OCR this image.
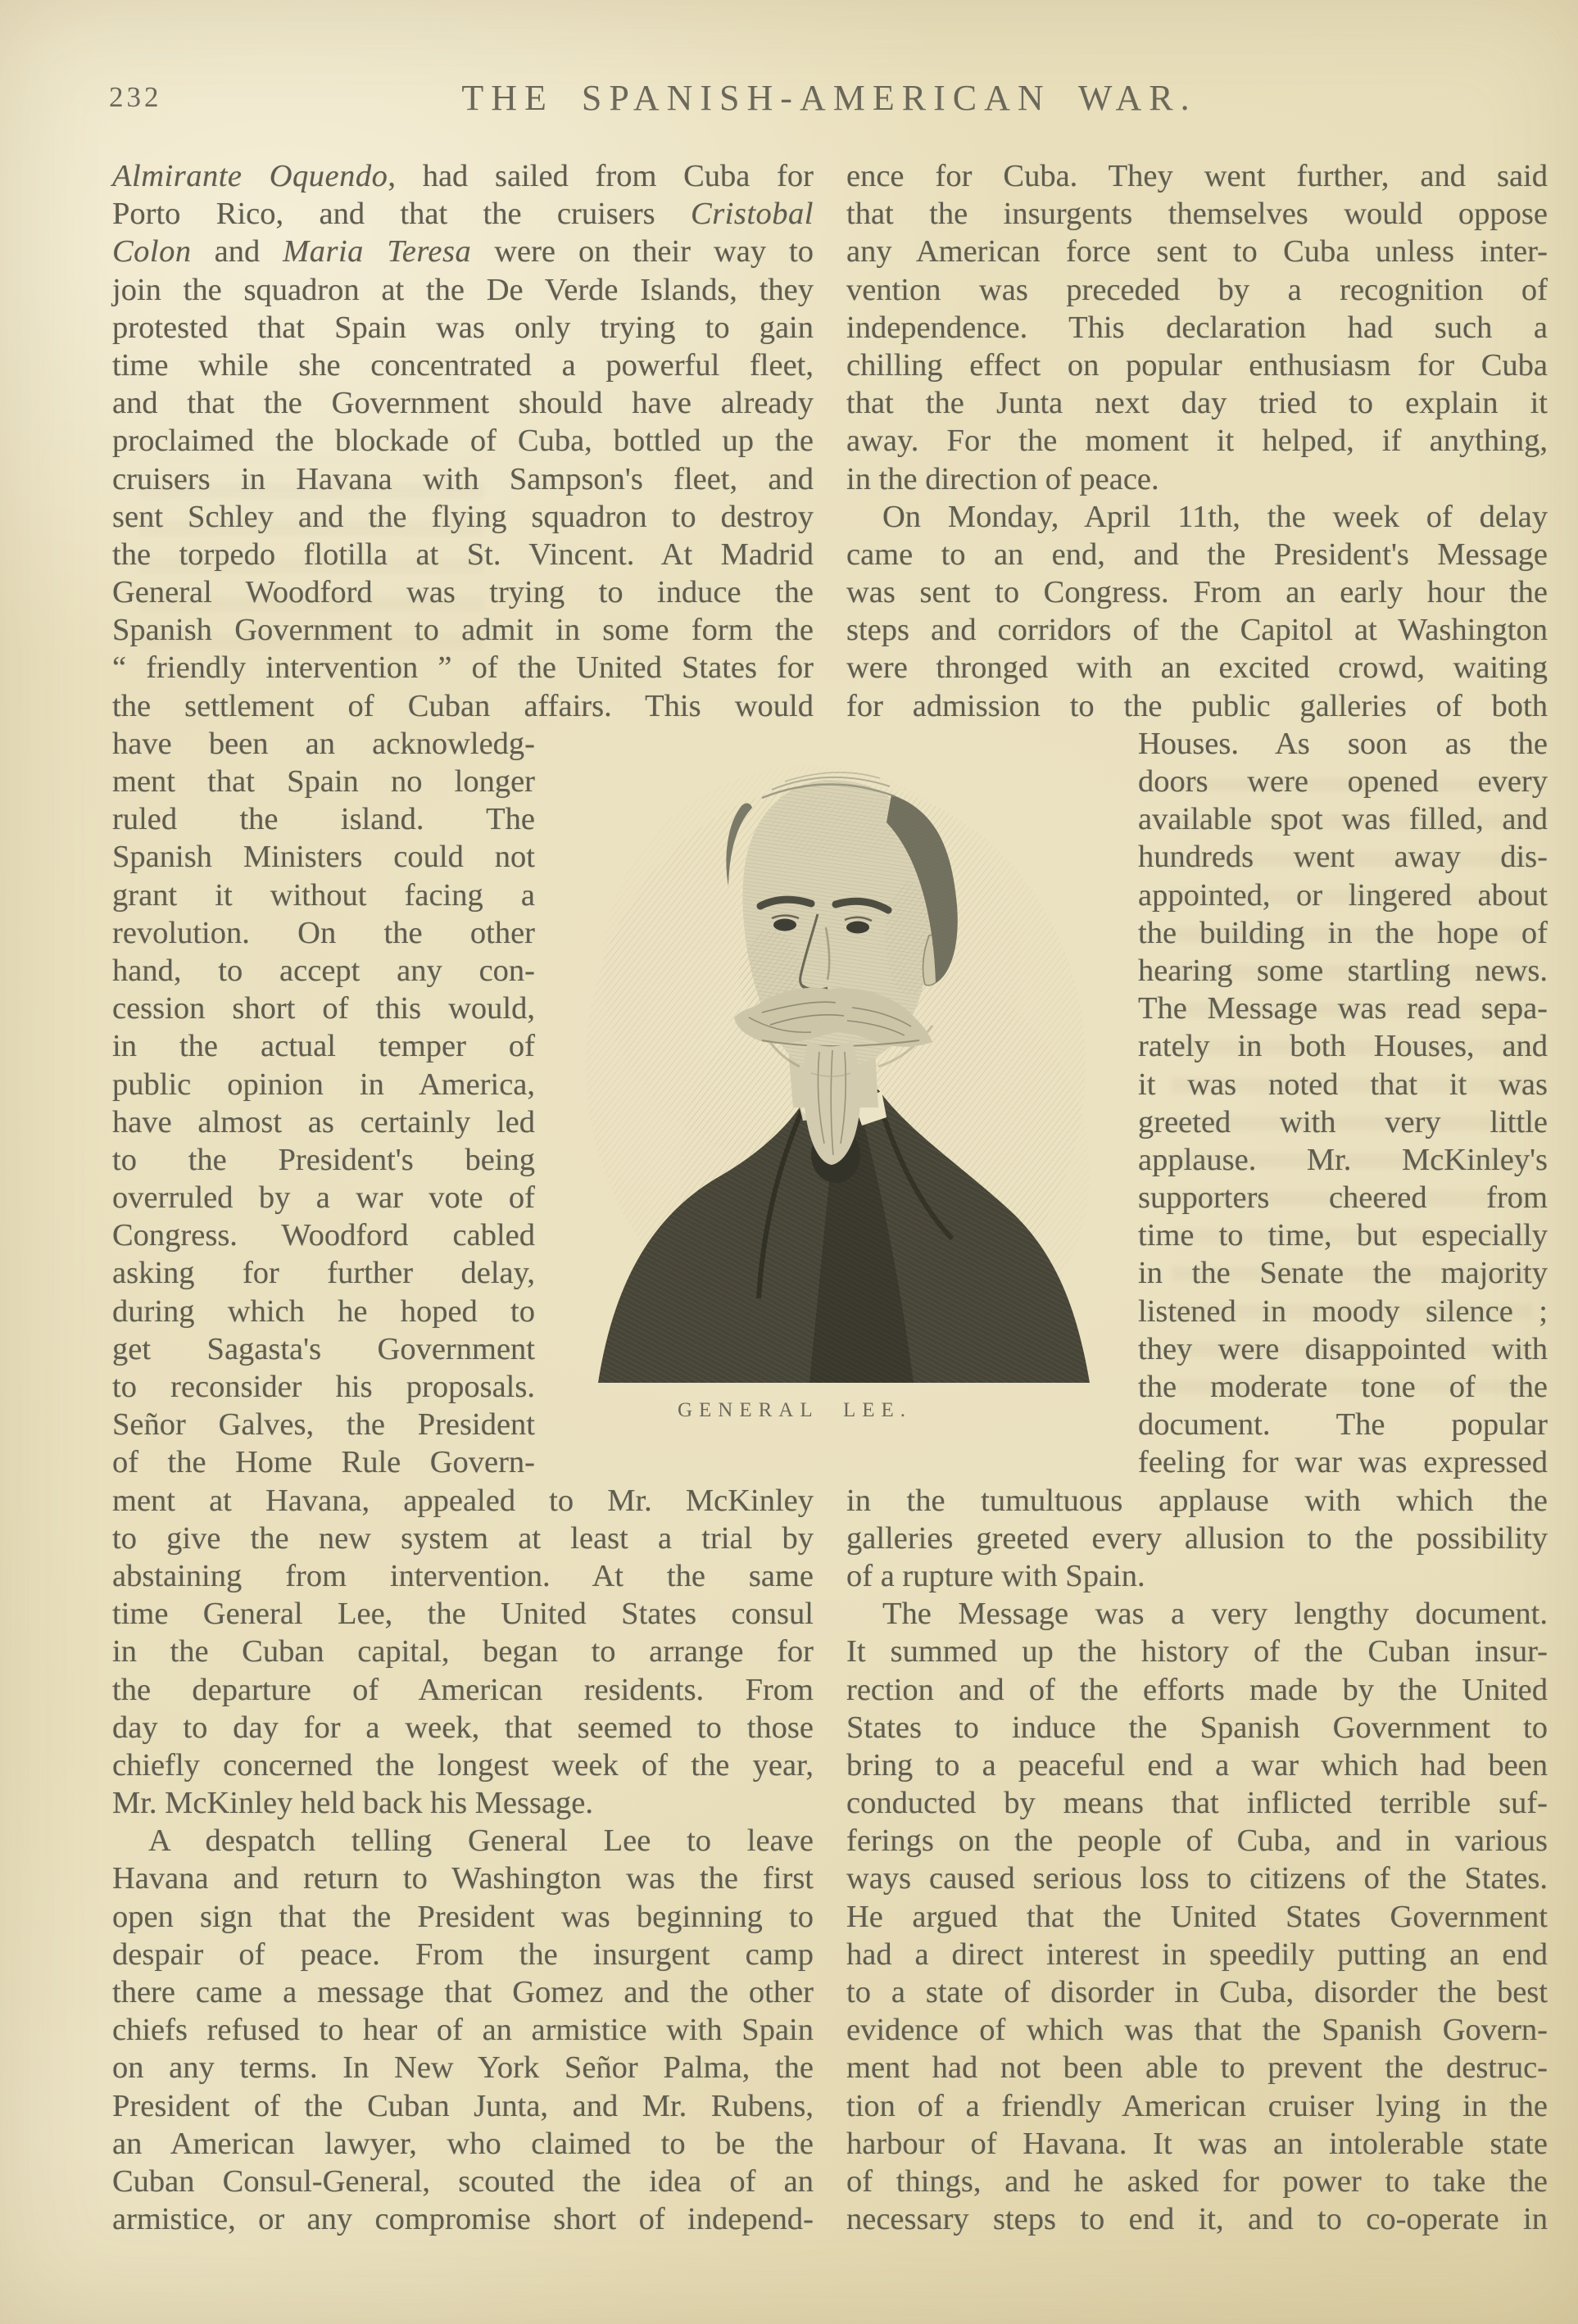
232	THE SPANISH-AMERICAN WAR.
Almirante Oquendo, had sailed from Cuba for
Porto Rico, and that the cruisers Cristobal
Colon and Maria Teresa were on their way to
join the squadron at the De Verde Islands, they
protested that Spain was only trying to gain
time while she concentrated a powerful fleet,
and that the Government should have already
proclaimed the blockade of Cuba, bottled up the
cruisers in Havana with Sampson's fleet, and
sent Schley and the flying squadron to destroy
the torpedo flotilla at St. Vincent. At Madrid
General Woodford was trying to induce the
Spanish Government to admit in some form the
“ friendly intervention ” of the United States for
the settlement of Cuban affairs. This would
have been an acknowledg-
ment that Spain no longer
ruled the island. The
Spanish Ministers could not
grant it without facing a
revolution. On the other
hand, to accept any con-
cession short of this would,
in the actual temper of
public opinion in America,
have almost as certainly led
to the President's being
overruled by a war vote of
Congress. Woodford cabled
asking for further delay,
during which he hoped to
get Sagasta's Government
to reconsider his proposals.
Señor Galves, the President
of the Home Rule Govern-
ment at Havana, appealed to Mr. McKinley
to give the new system at least a trial by
abstaining from intervention. At the same
time General Lee, the United States consul
in the Cuban capital, began to arrange for
the departure of American residents. From
day to day for a week, that seemed to those
chiefly concerned the longest week of the year,
Mr. McKinley held back his Message.
A despatch telling General Lee to leave
Havana and return to Washington was the first
open sign that the President was beginning to
despair of peace. From the insurgent camp
there came a message that Gomez and the other
chiefs refused to hear of an armistice with Spain
on any terms. In New York Señor Palma, the
President of the Cuban Junta, and Mr. Rubens,
an American lawyer, who claimed to be the
Cuban Consul-General, scouted the idea of an
armistice, or any compromise short of independ-
ence for Cuba. They went further, and said
that the insurgents themselves would oppose
any American force sent to Cuba unless inter-
vention was preceded by a recognition of
independence. This declaration had such a
chilling effect on popular enthusiasm for Cuba
that the Junta next day tried to explain it
away. For the moment it helped, if anything,
in the direction of peace.
On Monday, April 11th, the week of delay
came to an end, and the President's Message
was sent to Congress. From an early hour the
steps and corridors of the Capitol at Washington
were thronged with an excited crowd, waiting
for admission to the public galleries of both
Houses. As soon as the
doors were opened every
available spot was filled, and
hundreds went away dis-
appointed, or lingered about
the building in the hope of
hearing some startling news.
The Message was read sepa-
rately in both Houses, and
it was noted that it was
greeted with very little
applause. Mr. McKinley's
supporters cheered from
time to time, but especially
in the Senate the majority
listened in moody silence ;
they were disappointed with
the moderate tone of the
document. The popular
feeling for war was expressed
in the tumultuous applause with which the
galleries greeted every allusion to the possibility
of a rupture with Spain.
The Message was a very lengthy document.
It summed up the history of the Cuban insur-
rection and of the efforts made by the United
States to induce the Spanish Government to
bring to a peaceful end a war which had been
conducted by means that inflicted terrible suf-
ferings on the people of Cuba, and in various
ways caused serious loss to citizens of the States.
He argued that the United States Government
had a direct interest in speedily putting an end
to a state of disorder in Cuba, disorder the best
evidence of which was that the Spanish Govern-
ment had not been able to prevent the destruc-
tion of a friendly American cruiser lying in the
harbour of Havana. It was an intolerable state
of things, and he asked for power to take the
necessary steps to end it, and to co-operate in
GENERAL LEE.
